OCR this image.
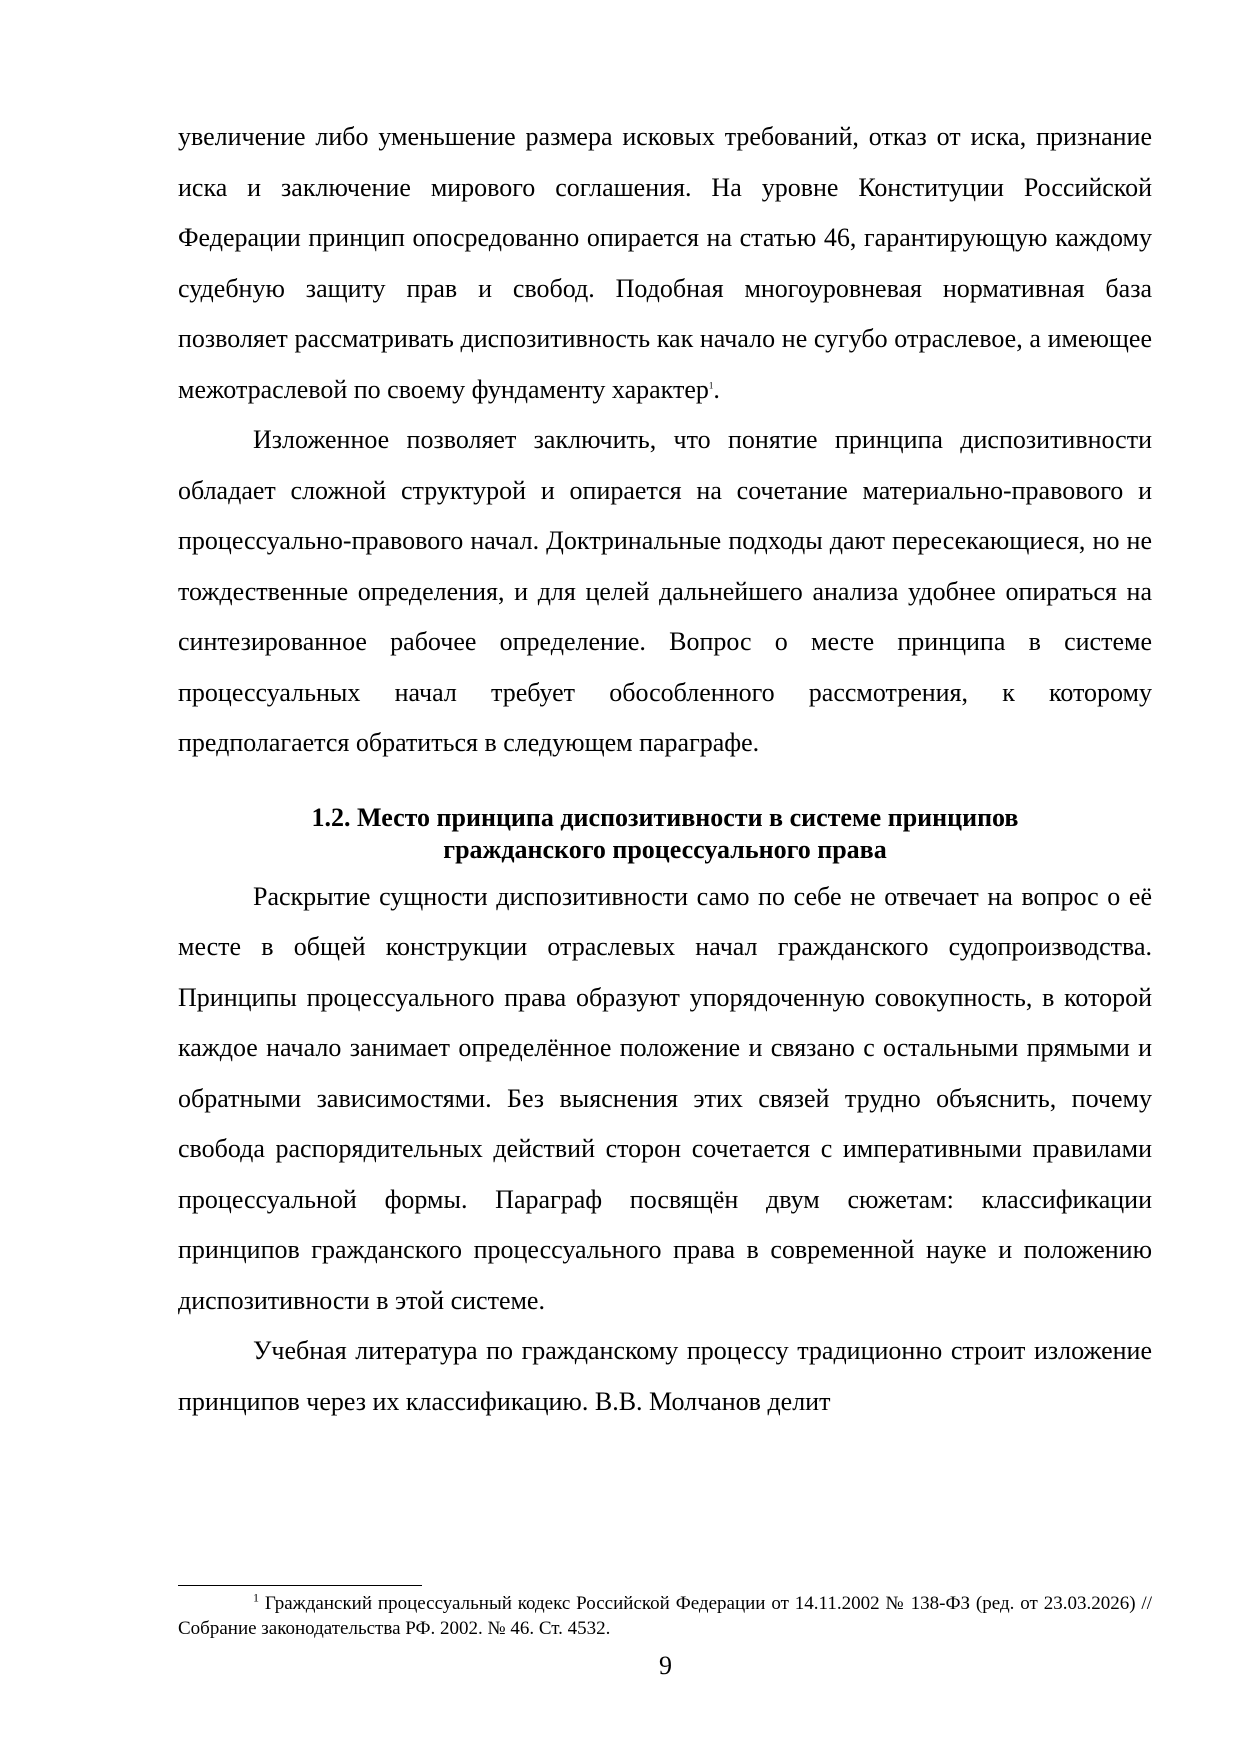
увеличение либо уменьшение размера исковых требований, отказ от иска, признание иска и заключение мирового соглашения. На уровне Конституции Российской Федерации принцип опосредованно опирается на статью 46, гарантирующую каждому судебную защиту прав и свобод. Подобная многоуровневая нормативная база позволяет рассматривать диспозитивность как начало не сугубо отраслевое, а имеющее межотраслевой по своему фундаменту характер$^1$.

Изложенное позволяет заключить, что понятие принципа диспозитивности обладает сложной структурой и опирается на сочетание материально-правового и процессуально-правового начал. Доктринальные подходы дают пересекающиеся, но не тождественные определения, и для целей дальнейшего анализа удобнее опираться на синтезированное рабочее определение. Вопрос о месте принципа в системе процессуальных начал требует обособленного рассмотрения, к которому предполагается обратиться в следующем параграфе.

1.2. Место принципа диспозитивности в системе принципов
гражданского процессуального права

Раскрытие сущности диспозитивности само по себе не отвечает на вопрос о её месте в общей конструкции отраслевых начал гражданского судопроизводства. Принципы процессуального права образуют упорядоченную совокупность, в которой каждое начало занимает определённое положение и связано с остальными прямыми и обратными зависимостями. Без выяснения этих связей трудно объяснить, почему свобода распорядительных действий сторон сочетается с императивными правилами процессуальной формы. Параграф посвящён двум сюжетам: классификации принципов гражданского процессуального права в современной науке и положению диспозитивности в этой системе.

Учебная литература по гражданскому процессу традиционно строит изложение принципов через их классификацию. В.В. Молчанов делит

$^1$ Гражданский процессуальный кодекс Российской Федерации от 14.11.2002 № 138-ФЗ (ред. от 23.03.2026) // Собрание законодательства РФ. 2002. № 46. Ст. 4532.

9
